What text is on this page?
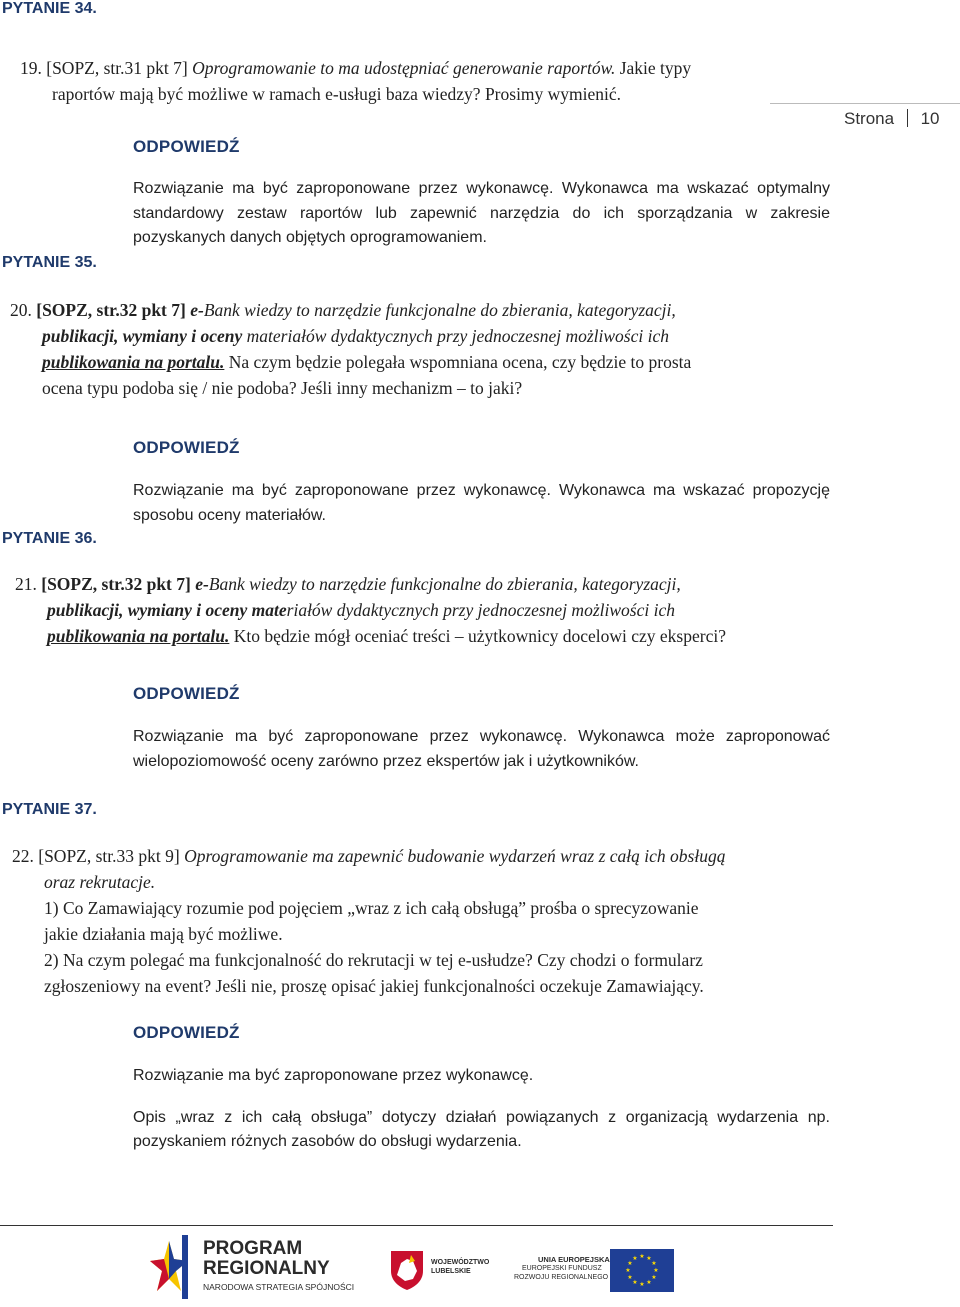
Strona 10
PYTANIE 34.
19. [SOPZ, str.31 pkt 7] Oprogramowanie to ma udostępniać generowanie raportów. Jakie typy
raportów mają być możliwe w ramach e-usługi baza wiedzy? Prosimy wymienić.
ODPOWIEDŹ

Rozwiązanie ma być zaproponowane przez wykonawcę. Wykonawca ma wskazać optymalny standardowy zestaw raportów lub zapewnić narzędzia do ich sporządzania w zakresie pozyskanych danych objętych oprogramowaniem.

PYTANIE 35.
20. [SOPZ, str.32 pkt 7] e-Bank wiedzy to narzędzie funkcjonalne do zbierania, kategoryzacji,
publikacji, wymiany i oceny materiałów dydaktycznych przy jednoczesnej możliwości ich
publikowania na portalu. Na czym będzie polegała wspomniana ocena, czy będzie to prosta
ocena typu podoba się / nie podoba? Jeśli inny mechanizm – to jaki?
ODPOWIEDŹ

Rozwiązanie ma być zaproponowane przez wykonawcę. Wykonawca ma wskazać propozycję sposobu oceny materiałów.

PYTANIE 36.
21. [SOPZ, str.32 pkt 7] e-Bank wiedzy to narzędzie funkcjonalne do zbierania, kategoryzacji,
publikacji, wymiany i oceny materiałów dydaktycznych przy jednoczesnej możliwości ich
publikowania na portalu. Kto będzie mógł oceniać treści – użytkownicy docelowi czy eksperci?
ODPOWIEDŹ

Rozwiązanie ma być zaproponowane przez wykonawcę. Wykonawca może zaproponować wielopoziomowość oceny zarówno przez ekspertów jak i użytkowników.

PYTANIE 37.
22. [SOPZ, str.33 pkt 9] Oprogramowanie ma zapewnić budowanie wydarzeń wraz z całą ich obsługą
oraz rekrutacje.
1) Co Zamawiający rozumie pod pojęciem „wraz z ich całą obsługą” prośba o sprecyzowanie
jakie działania mają być możliwe.
2) Na czym polegać ma funkcjonalność do rekrutacji w tej e-usłudze? Czy chodzi o formularz
zgłoszeniowy na event? Jeśli nie, proszę opisać jakiej funkcjonalności oczekuje Zamawiający.
ODPOWIEDŹ

Rozwiązanie ma być zaproponowane przez wykonawcę.

Opis „wraz z ich całą obsługa” dotyczy działań powiązanych z organizacją wydarzenia np. pozyskaniem różnych zasobów do obsługi wydarzenia.

PROGRAM
REGIONALNY
NARODOWA STRATEGIA SPÓJNOŚCI
WOJEWÓDZTWO
LUBELSKIE
UNIA EUROPEJSKA
EUROPEJSKI FUNDUSZ
ROZWOJU REGIONALNEGO
★ ★
★
★
★
★
★
★
★
★
★
★
